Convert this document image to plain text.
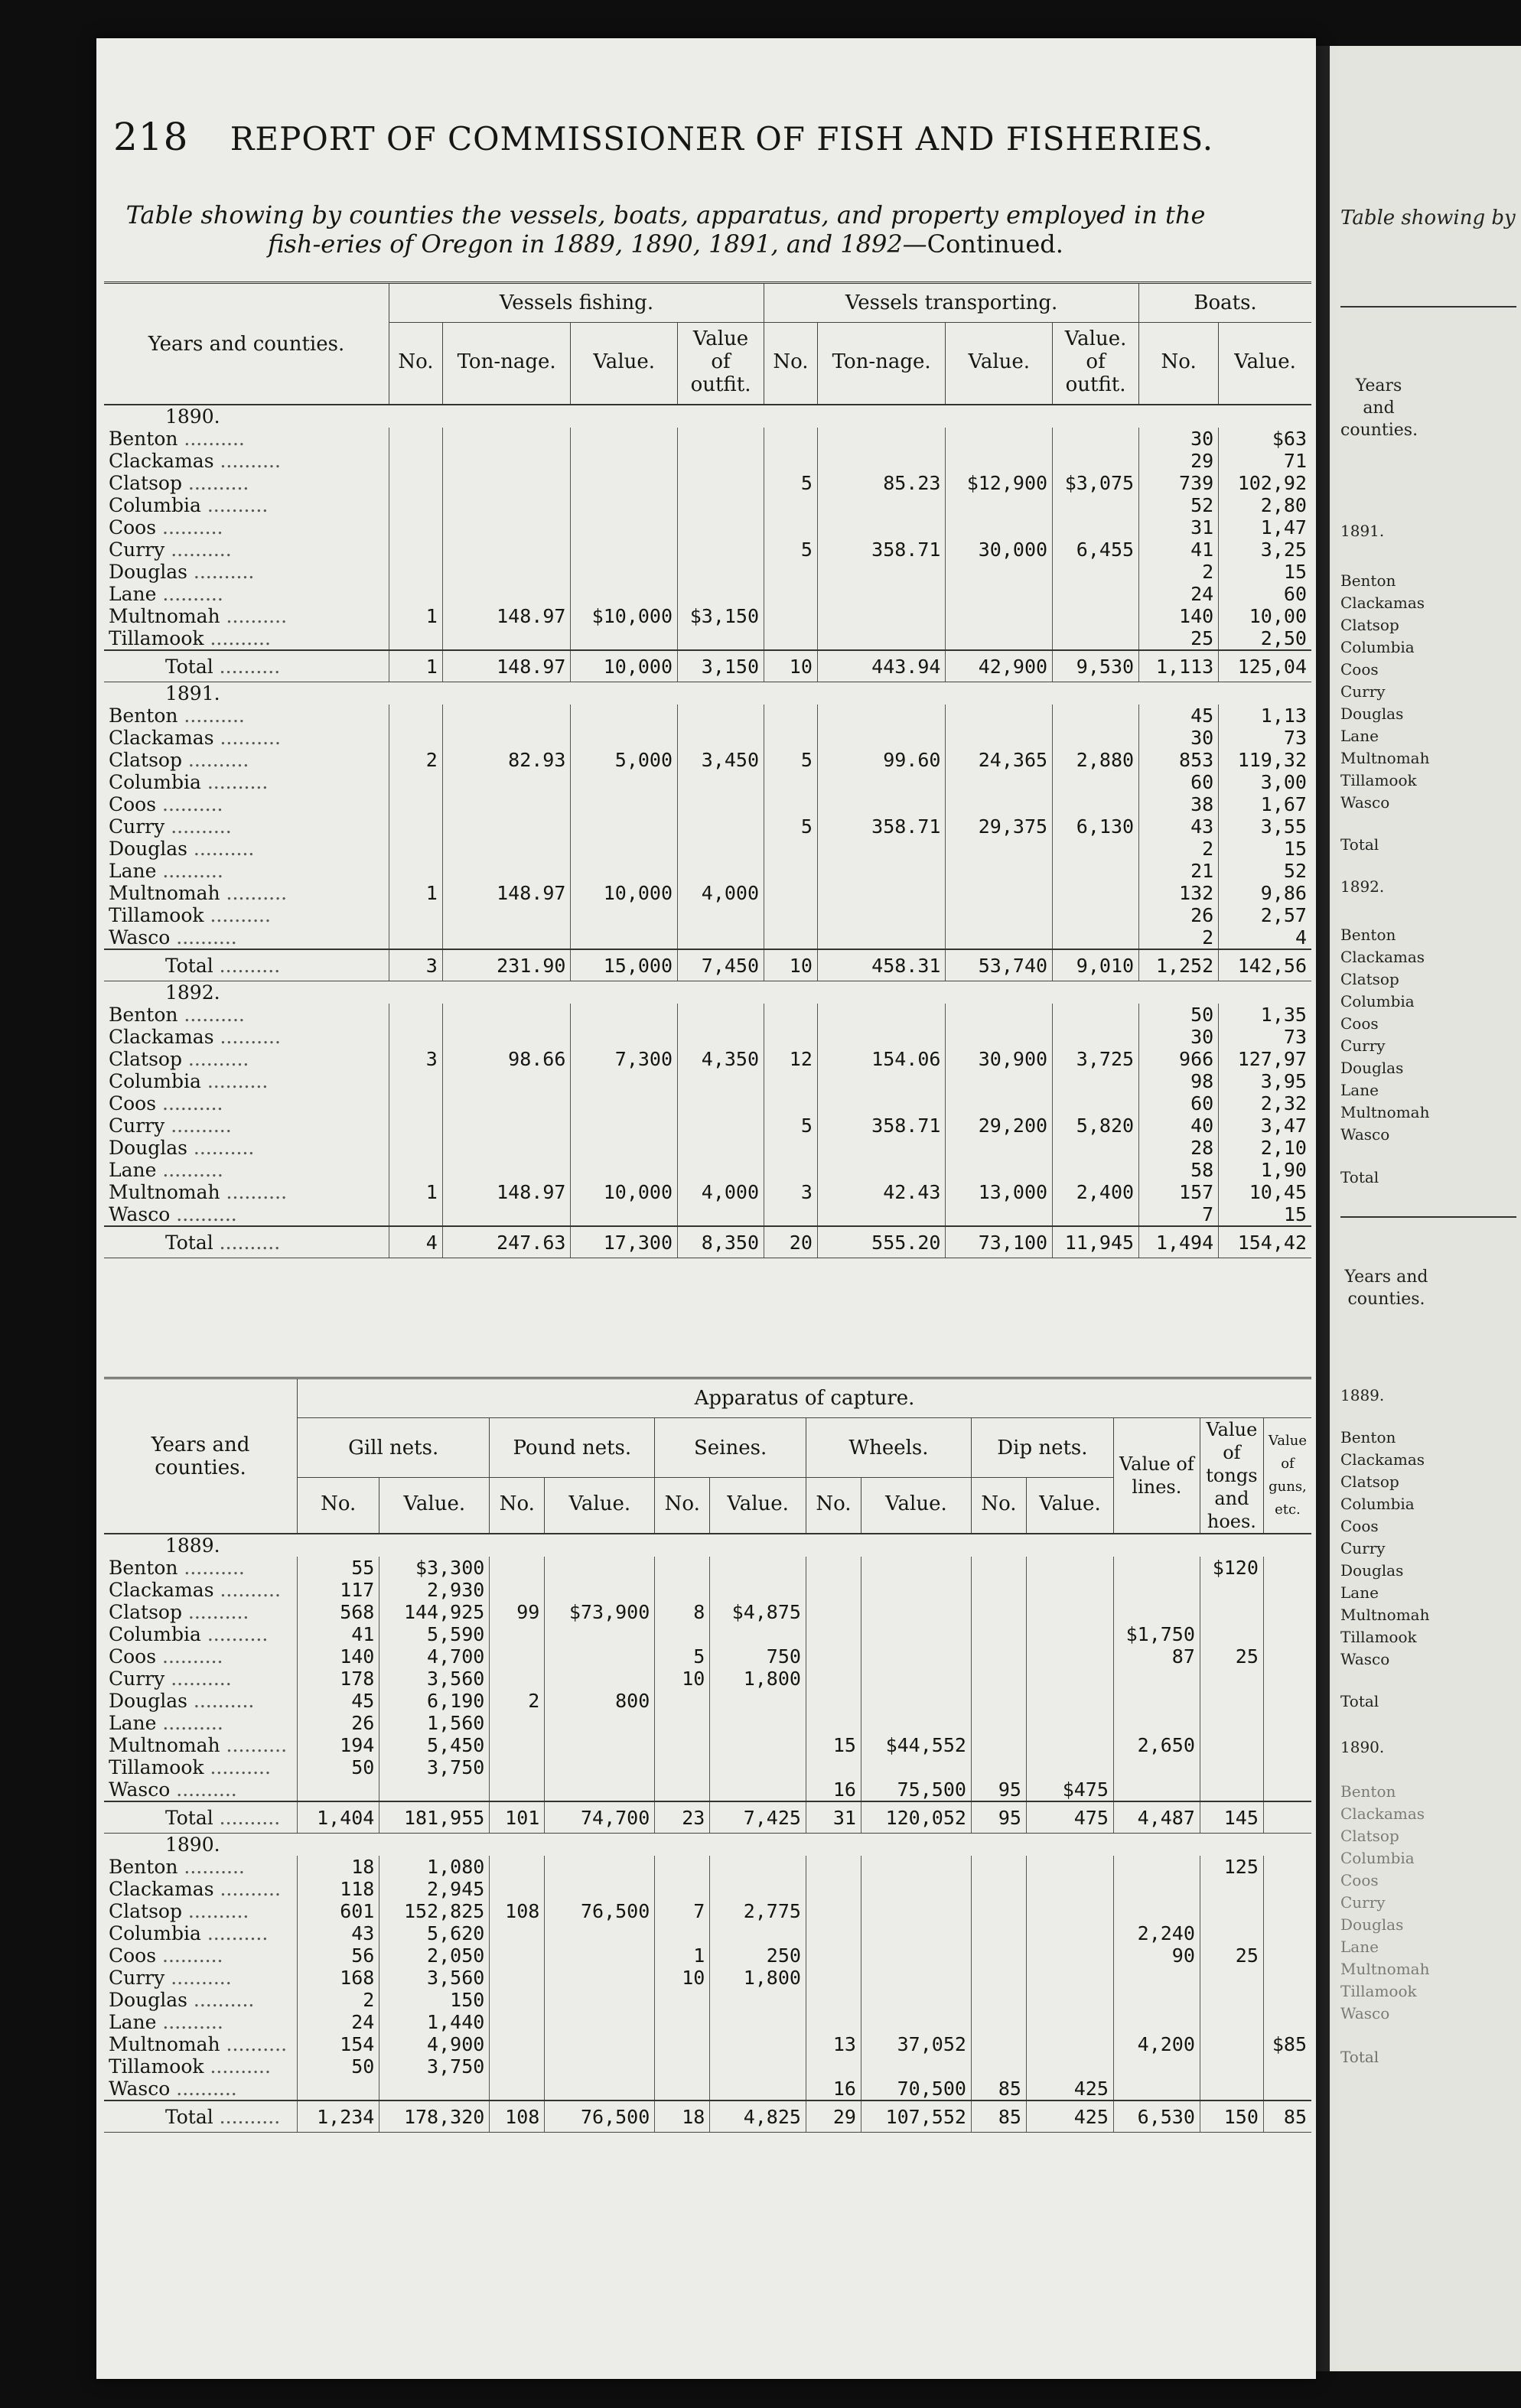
218 REPORT OF COMMISSIONER OF FISH AND FISHERIES.
Table showing by counties the vessels, boats, apparatus, and property employed in the fish-eries of Oregon in 1889, 1890, 1891, and 1892—Continued.
Years and counties.	Vessels fishing.				Vessels transporting.				Boats.	
	No.	Ton-nage.	Value.	Value of outfit.	No.	Ton-nage.	Value.	Value. of outfit.	No.	Value.
1890.										
Benton ..........									30	$63
Clackamas ..........									29	71
Clatsop ..........					5	85.23	$12,900	$3,075	739	102,92
Columbia ..........									52	2,80
Coos ..........									31	1,47
Curry ..........					5	358.71	30,000	6,455	41	3,25
Douglas ..........									2	15
Lane ..........									24	60
Multnomah ..........	1	148.97	$10,000	$3,150					140	10,00
Tillamook ..........									25	2,50
Total ..........	1	148.97	10,000	3,150	10	443.94	42,900	9,530	1,113	125,04
1891.										
Benton ..........									45	1,13
Clackamas ..........									30	73
Clatsop ..........	2	82.93	5,000	3,450	5	99.60	24,365	2,880	853	119,32
Columbia ..........									60	3,00
Coos ..........									38	1,67
Curry ..........					5	358.71	29,375	6,130	43	3,55
Douglas ..........									2	15
Lane ..........									21	52
Multnomah ..........	1	148.97	10,000	4,000					132	9,86
Tillamook ..........									26	2,57
Wasco ..........									2	4
Total ..........	3	231.90	15,000	7,450	10	458.31	53,740	9,010	1,252	142,56
1892.										
Benton ..........									50	1,35
Clackamas ..........									30	73
Clatsop ..........	3	98.66	7,300	4,350	12	154.06	30,900	3,725	966	127,97
Columbia ..........									98	3,95
Coos ..........									60	2,32
Curry ..........					5	358.71	29,200	5,820	40	3,47
Douglas ..........									28	2,10
Lane ..........									58	1,90
Multnomah ..........	1	148.97	10,000	4,000	3	42.43	13,000	2,400	157	10,45
Wasco ..........									7	15
Total ..........	4	247.63	17,300	8,350	20	555.20	73,100	11,945	1,494	154,42
Years and counties.	Apparatus of capture.												
	Gill nets.		Pound nets.		Seines.		Wheels.		Dip nets.		Value of lines.	Value of tongs and hoes.	Value of guns, etc.
	No.	Value.	No.	Value.	No.	Value.	No.	Value.	No.	Value.			
1889.													
Benton ..........	55	$3,300										$120	
Clackamas ..........	117	2,930											
Clatsop ..........	568	144,925	99	$73,900	8	$4,875							
Columbia ..........	41	5,590									$1,750		
Coos ..........	140	4,700			5	750					87	25	
Curry ..........	178	3,560			10	1,800							
Douglas ..........	45	6,190	2	800									
Lane ..........	26	1,560											
Multnomah ..........	194	5,450					15	$44,552			2,650		
Tillamook ..........	50	3,750											
Wasco ..........							16	75,500	95	$475			
Total ..........	1,404	181,955	101	74,700	23	7,425	31	120,052	95	475	4,487	145	
1890.													
Benton ..........	18	1,080										125	
Clackamas ..........	118	2,945											
Clatsop ..........	601	152,825	108	76,500	7	2,775							
Columbia ..........	43	5,620									2,240		
Coos ..........	56	2,050			1	250					90	25	
Curry ..........	168	3,560			10	1,800							
Douglas ..........	2	150											
Lane ..........	24	1,440											
Multnomah ..........	154	4,900					13	37,052			4,200		$85
Tillamook ..........	50	3,750											
Wasco ..........							16	70,500	85	425			
Total ..........	1,234	178,320	108	76,500	18	4,825	29	107,552	85	425	6,530	150	85
Table showing by
Years and counties.
1891.
Benton
Clackamas
Clatsop
Columbia
Coos
Curry
Douglas
Lane
Multnomah
Tillamook
Wasco
Total
1892.
Benton
Clackamas
Clatsop
Columbia
Coos
Curry
Douglas
Lane
Multnomah
Wasco
Total
Years and counties.
1889.
Benton
Clackamas
Clatsop
Columbia
Coos
Curry
Douglas
Lane
Multnomah
Tillamook
Wasco
Total
1890.
Benton
Clackamas
Clatsop
Columbia
Coos
Curry
Douglas
Lane
Multnomah
Tillamook
Wasco
Total
